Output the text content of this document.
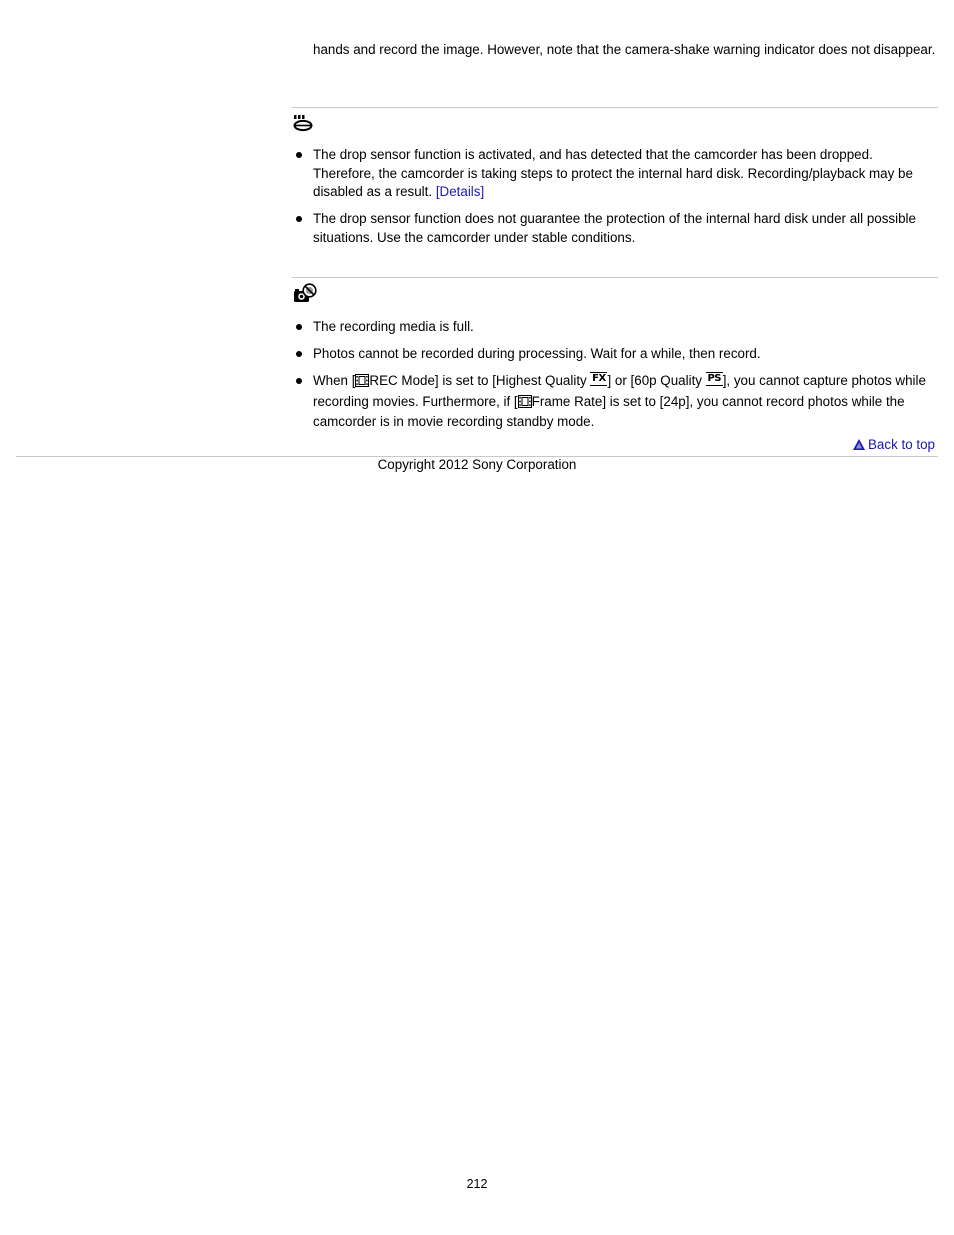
hands and record the image. However, note that the camera-shake warning indicator does not disappear.

The drop sensor function is activated, and has detected that the camcorder has been dropped. Therefore, the camcorder is taking steps to protect the internal hard disk. Recording/playback may be disabled as a result. [Details]
The drop sensor function does not guarantee the protection of the internal hard disk under all possible situations. Use the camcorder under stable conditions.
The recording media is full.
Photos cannot be recorded during processing. Wait for a while, then record.
When [ REC Mode] is set to [Highest Quality FX ] or [60p Quality PS ], you cannot capture photos while recording movies. Furthermore, if [ Frame Rate] is set to [24p], you cannot record photos while the camcorder is in movie recording standby mode.
Back to top
Copyright 2012 Sony Corporation
212
